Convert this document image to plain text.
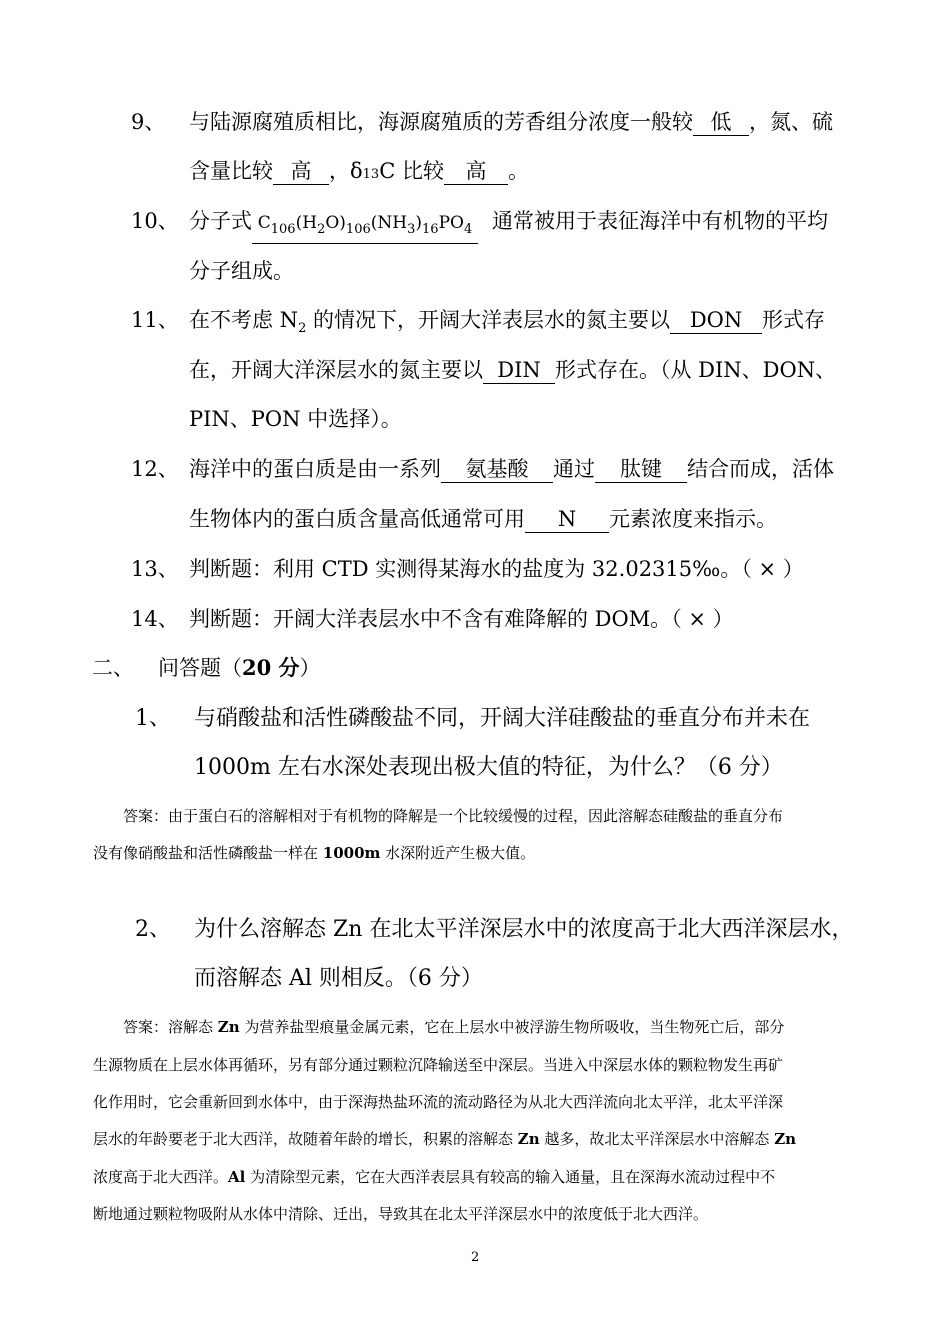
9、 与陆源腐殖质相比，海源腐殖质的芳香组分浓度一般较 低 ，氮、硫
含量比较 高 ，δ13C 比较 高 。
10、 分子式 $C_{106}(H_2O)_{106}(NH_3)_{16}PO_4$ 通常被用于表征海洋中有机物的平均
分子组成。
11、 在不考虑 $N_2$ 的情况下，开阔大洋表层水的氮主要以 DON 形式存
在，开阔大洋深层水的氮主要以 DIN 形式存在。（从 DIN、DON、
PIN、PON 中选择）。
12、 海洋中的蛋白质是由一系列 氨基酸 通过 肽键 结合而成，活体
生物体内的蛋白质含量高低通常可用 N 元素浓度来指示。
13、 判断题：利用 CTD 实测得某海水的盐度为 32.02315‰。（ × ）
14、 判断题：开阔大洋表层水中不含有难降解的 DOM。（ × ）
二、 问答题（20 分）
1、 与硝酸盐和活性磷酸盐不同，开阔大洋硅酸盐的垂直分布并未在
1000m 左右水深处表现出极大值的特征，为什么？（6 分）
答案：由于蛋白石的溶解相对于有机物的降解是一个比较缓慢的过程，因此溶解态硅酸盐的垂直分布
没有像硝酸盐和活性磷酸盐一样在 1000m 水深附近产生极大值。
2、 为什么溶解态 Zn 在北太平洋深层水中的浓度高于北大西洋深层水，
而溶解态 Al 则相反。（6 分）
答案：溶解态 Zn 为营养盐型痕量金属元素，它在上层水中被浮游生物所吸收，当生物死亡后，部分
生源物质在上层水体再循环，另有部分通过颗粒沉降输送至中深层。当进入中深层水体的颗粒物发生再矿
化作用时，它会重新回到水体中，由于深海热盐环流的流动路径为从北大西洋流向北太平洋，北太平洋深
层水的年龄要老于北大西洋，故随着年龄的增长，积累的溶解态 Zn 越多，故北太平洋深层水中溶解态 Zn
浓度高于北大西洋。Al 为清除型元素，它在大西洋表层具有较高的输入通量，且在深海水流动过程中不
断地通过颗粒物吸附从水体中清除、迁出，导致其在北太平洋深层水中的浓度低于北大西洋。
2
